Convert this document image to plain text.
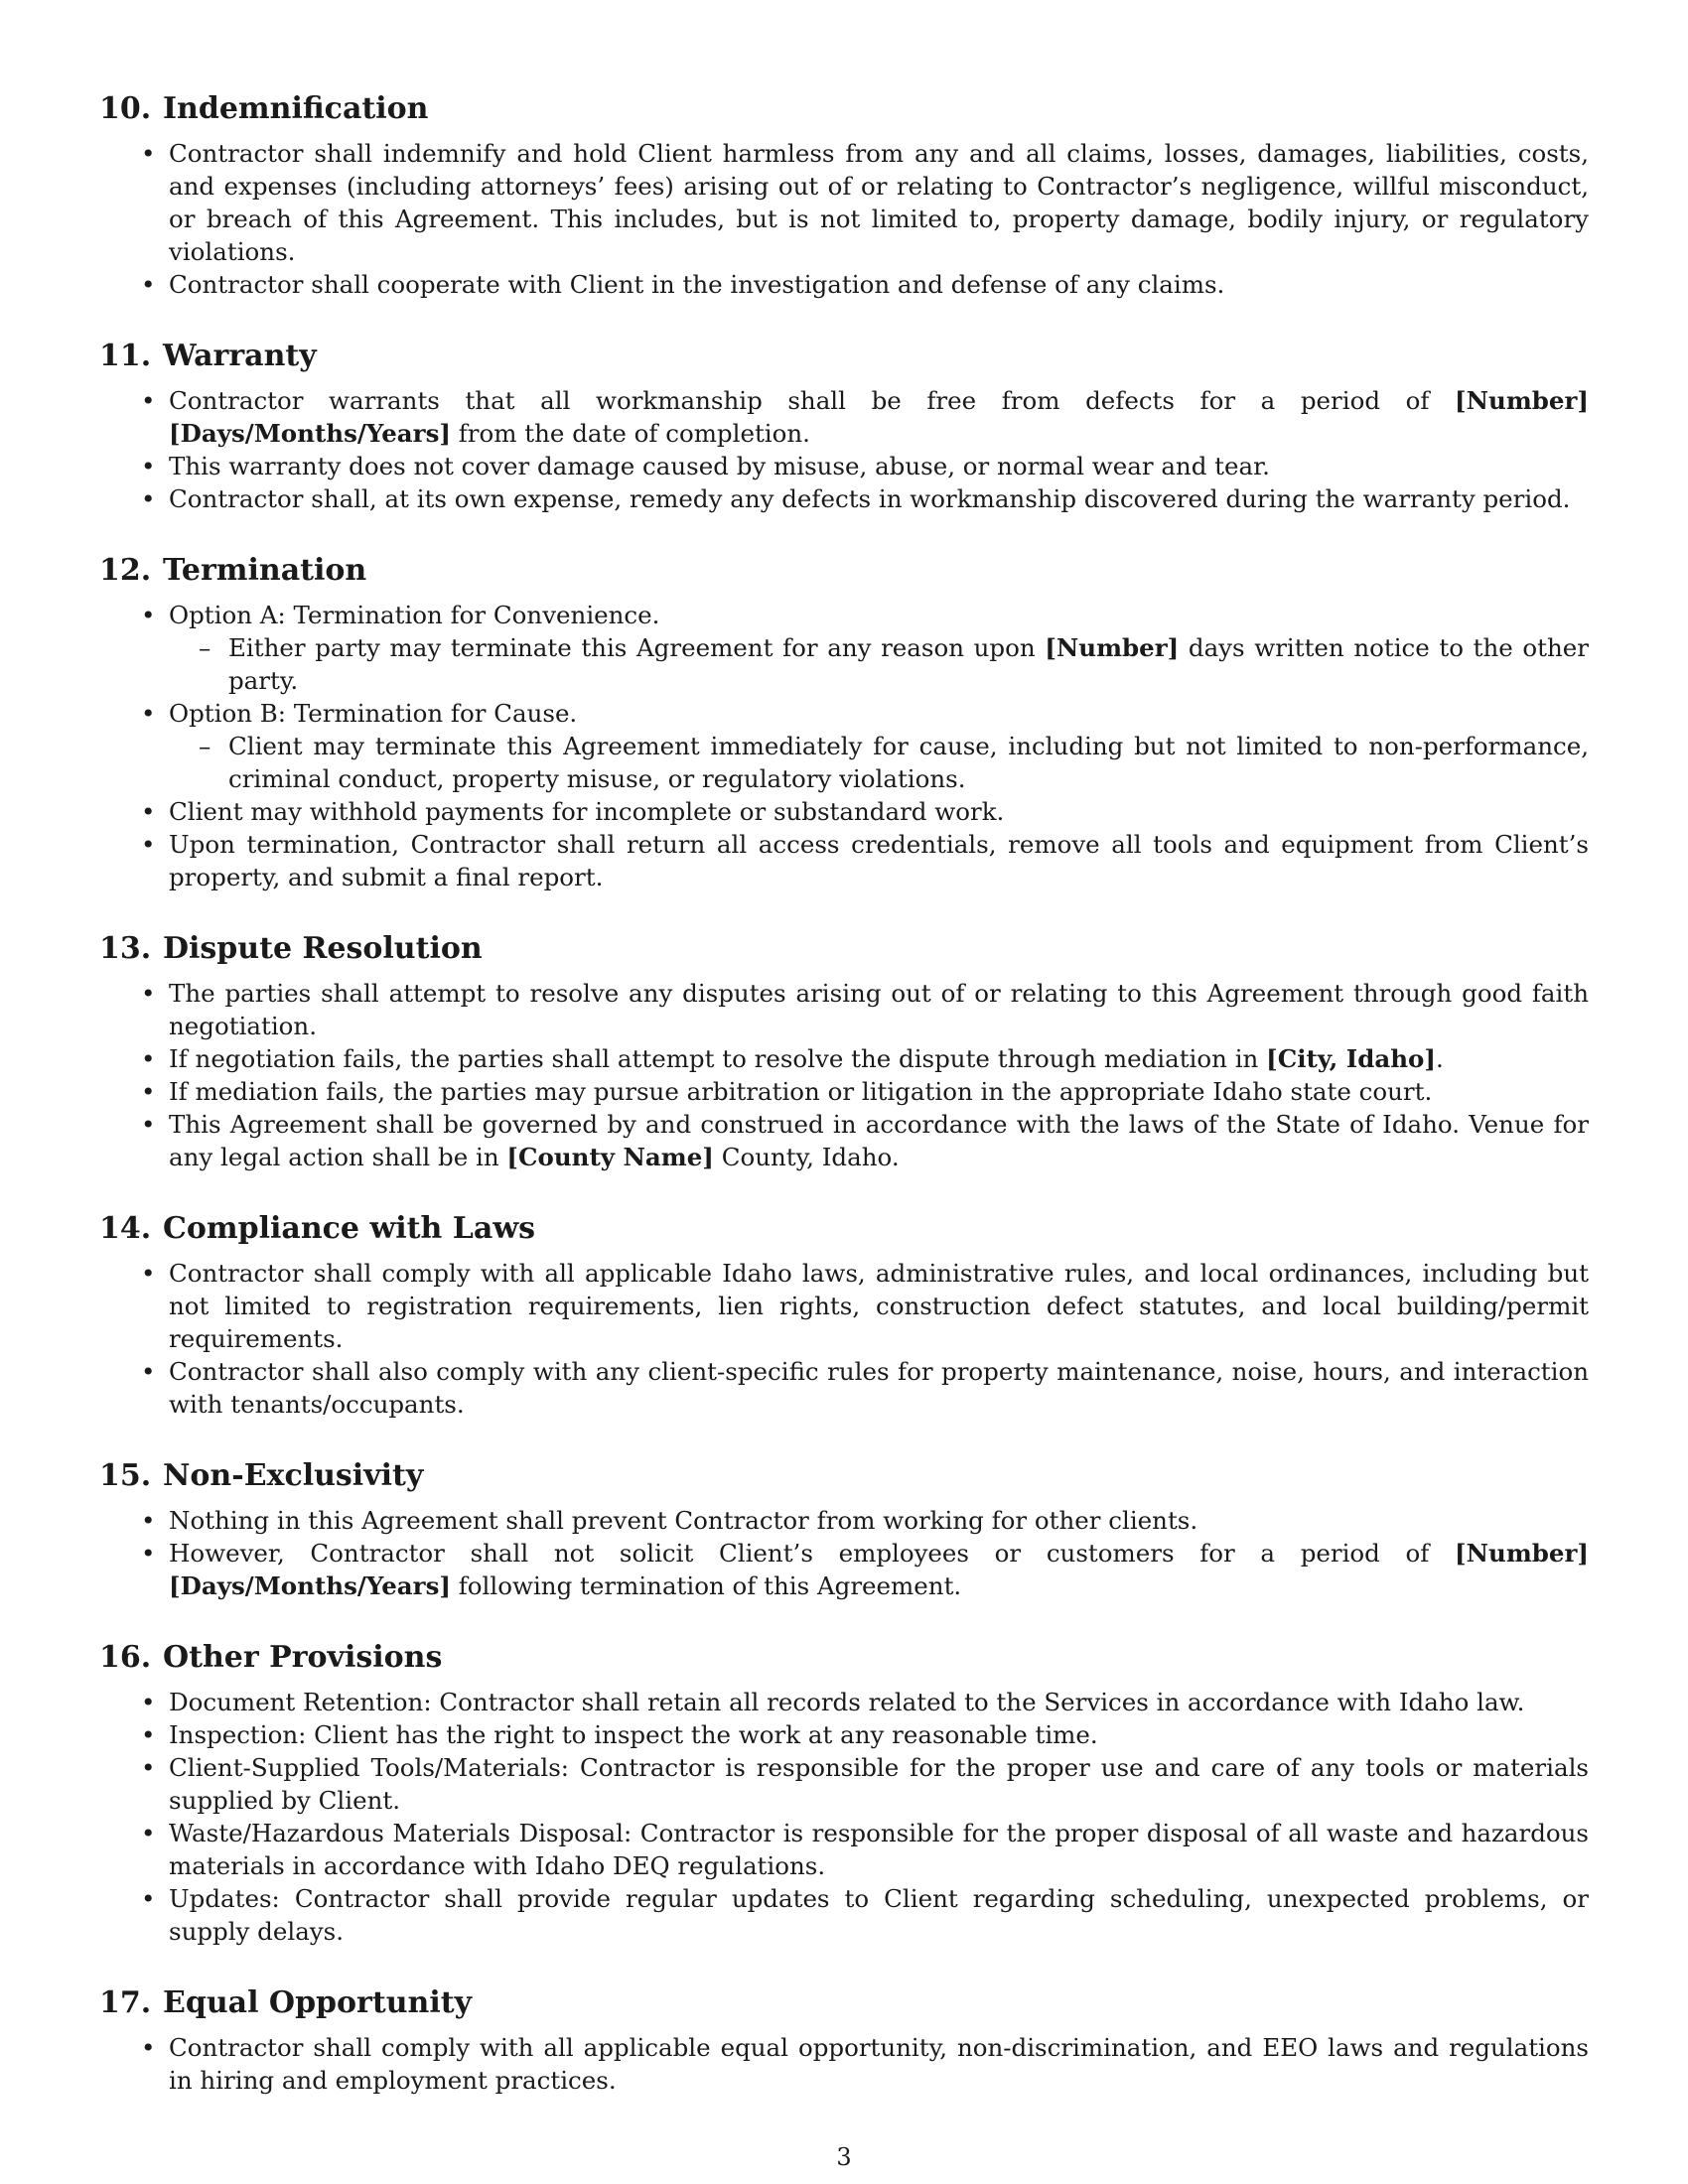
10. Indemnification
• Contractor shall indemnify and hold Client harmless from any and all claims, losses, damages, liabilities, costs, and expenses (including attorneys’ fees) arising out of or relating to Contractor’s negligence, willful misconduct, or breach of this Agreement. This includes, but is not limited to, property damage, bodily injury, or regulatory violations.
• Contractor shall cooperate with Client in the investigation and defense of any claims.
11. Warranty
• Contractor warrants that all workmanship shall be free from defects for a period of [Number] [Days/Months/Years] from the date of completion.
• This warranty does not cover damage caused by misuse, abuse, or normal wear and tear.
• Contractor shall, at its own expense, remedy any defects in workmanship discovered during the warranty period.
12. Termination
• Option A: Termination for Convenience.
– Either party may terminate this Agreement for any reason upon [Number] days written notice to the other party.
• Option B: Termination for Cause.
– Client may terminate this Agreement immediately for cause, including but not limited to non-performance, criminal conduct, property misuse, or regulatory violations.
• Client may withhold payments for incomplete or substandard work.
• Upon termination, Contractor shall return all access credentials, remove all tools and equipment from Client’s property, and submit a final report.
13. Dispute Resolution
• The parties shall attempt to resolve any disputes arising out of or relating to this Agreement through good faith negotiation.
• If negotiation fails, the parties shall attempt to resolve the dispute through mediation in [City, Idaho].
• If mediation fails, the parties may pursue arbitration or litigation in the appropriate Idaho state court.
• This Agreement shall be governed by and construed in accordance with the laws of the State of Idaho. Venue for any legal action shall be in [County Name] County, Idaho.
14. Compliance with Laws
• Contractor shall comply with all applicable Idaho laws, administrative rules, and local ordinances, including but not limited to registration requirements, lien rights, construction defect statutes, and local building/permit requirements.
• Contractor shall also comply with any client-specific rules for property maintenance, noise, hours, and interaction with tenants/occupants.
15. Non-Exclusivity
• Nothing in this Agreement shall prevent Contractor from working for other clients.
• However, Contractor shall not solicit Client’s employees or customers for a period of [Number] [Days/Months/Years] following termination of this Agreement.
16. Other Provisions
• Document Retention: Contractor shall retain all records related to the Services in accordance with Idaho law.
• Inspection: Client has the right to inspect the work at any reasonable time.
• Client-Supplied Tools/Materials: Contractor is responsible for the proper use and care of any tools or materials supplied by Client.
• Waste/Hazardous Materials Disposal: Contractor is responsible for the proper disposal of all waste and hazardous materials in accordance with Idaho DEQ regulations.
• Updates: Contractor shall provide regular updates to Client regarding scheduling, unexpected problems, or supply delays.
17. Equal Opportunity
• Contractor shall comply with all applicable equal opportunity, non-discrimination, and EEO laws and regulations in hiring and employment practices.
3
